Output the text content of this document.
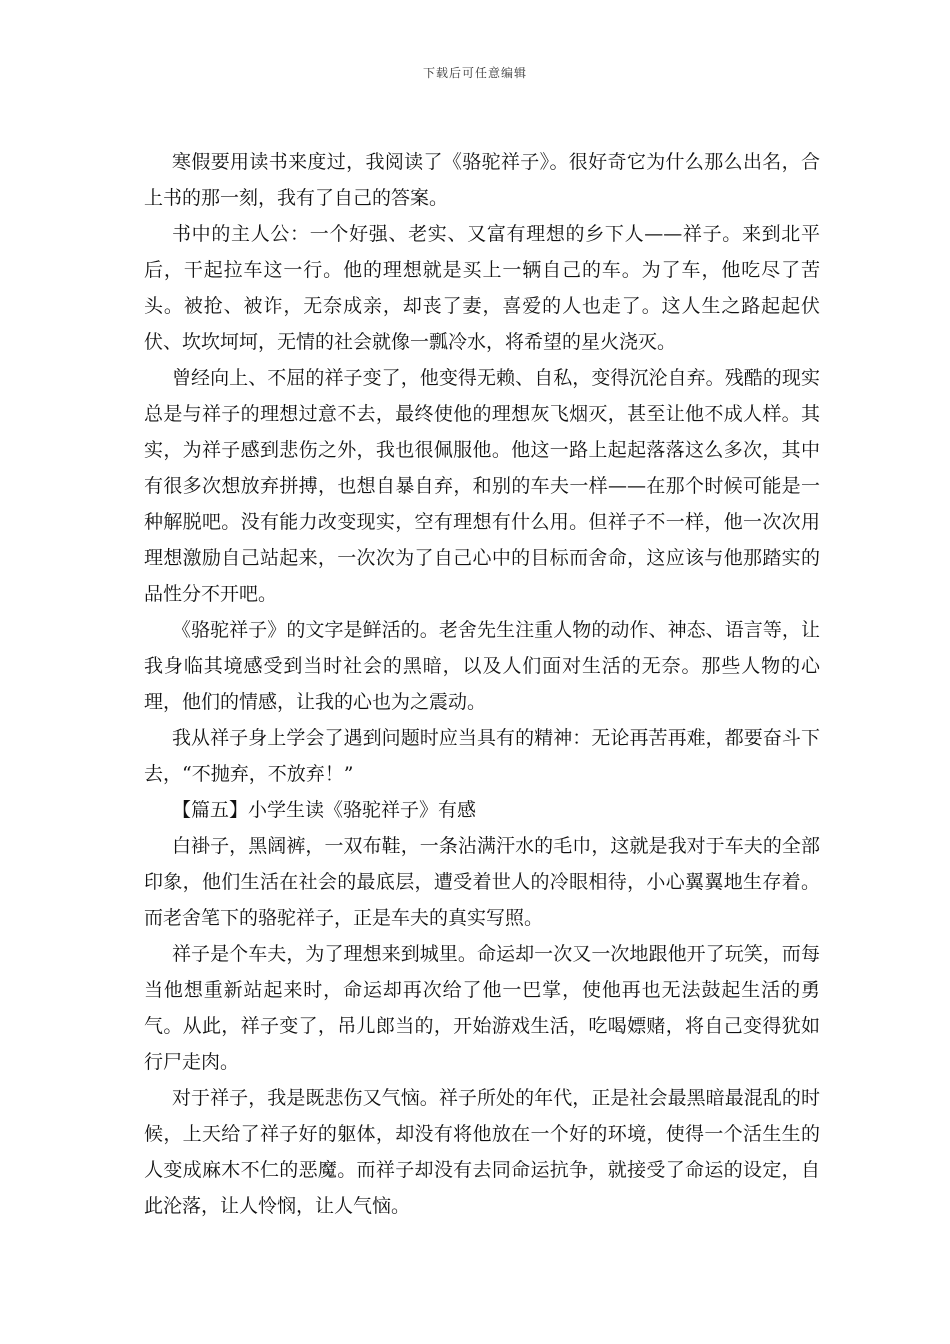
下载后可任意编辑

寒假要用读书来度过，我阅读了《骆驼祥子》。很好奇它为什么那么出名，合上书的那一刻，我有了自己的答案。

书中的主人公：一个好强、老实、又富有理想的乡下人——祥子。来到北平后，干起拉车这一行。他的理想就是买上一辆自己的车。为了车，他吃尽了苦头。被抢、被诈，无奈成亲，却丧了妻，喜爱的人也走了。这人生之路起起伏伏、坎坎坷坷，无情的社会就像一瓢冷水，将希望的星火浇灭。

曾经向上、不屈的祥子变了，他变得无赖、自私，变得沉沦自弃。残酷的现实总是与祥子的理想过意不去，最终使他的理想灰飞烟灭，甚至让他不成人样。其实，为祥子感到悲伤之外，我也很佩服他。他这一路上起起落落这么多次，其中有很多次想放弃拼搏，也想自暴自弃，和别的车夫一样——在那个时候可能是一种解脱吧。没有能力改变现实，空有理想有什么用。但祥子不一样，他一次次用理想激励自己站起来，一次次为了自己心中的目标而舍命，这应该与他那踏实的品性分不开吧。

《骆驼祥子》的文字是鲜活的。老舍先生注重人物的动作、神态、语言等，让我身临其境感受到当时社会的黑暗，以及人们面对生活的无奈。那些人物的心理，他们的情感，让我的心也为之震动。

我从祥子身上学会了遇到问题时应当具有的精神：无论再苦再难，都要奋斗下去，“不抛弃，不放弃！”

【篇五】小学生读《骆驼祥子》有感

白褂子，黑阔裤，一双布鞋，一条沾满汗水的毛巾，这就是我对于车夫的全部印象，他们生活在社会的最底层，遭受着世人的冷眼相待，小心翼翼地生存着。而老舍笔下的骆驼祥子，正是车夫的真实写照。

祥子是个车夫，为了理想来到城里。命运却一次又一次地跟他开了玩笑，而每当他想重新站起来时，命运却再次给了他一巴掌，使他再也无法鼓起生活的勇气。从此，祥子变了，吊儿郎当的，开始游戏生活，吃喝嫖赌，将自己变得犹如行尸走肉。

对于祥子，我是既悲伤又气恼。祥子所处的年代，正是社会最黑暗最混乱的时候，上天给了祥子好的躯体，却没有将他放在一个好的环境，使得一个活生生的人变成麻木不仁的恶魔。而祥子却没有去同命运抗争，就接受了命运的设定，自此沦落，让人怜悯，让人气恼。
